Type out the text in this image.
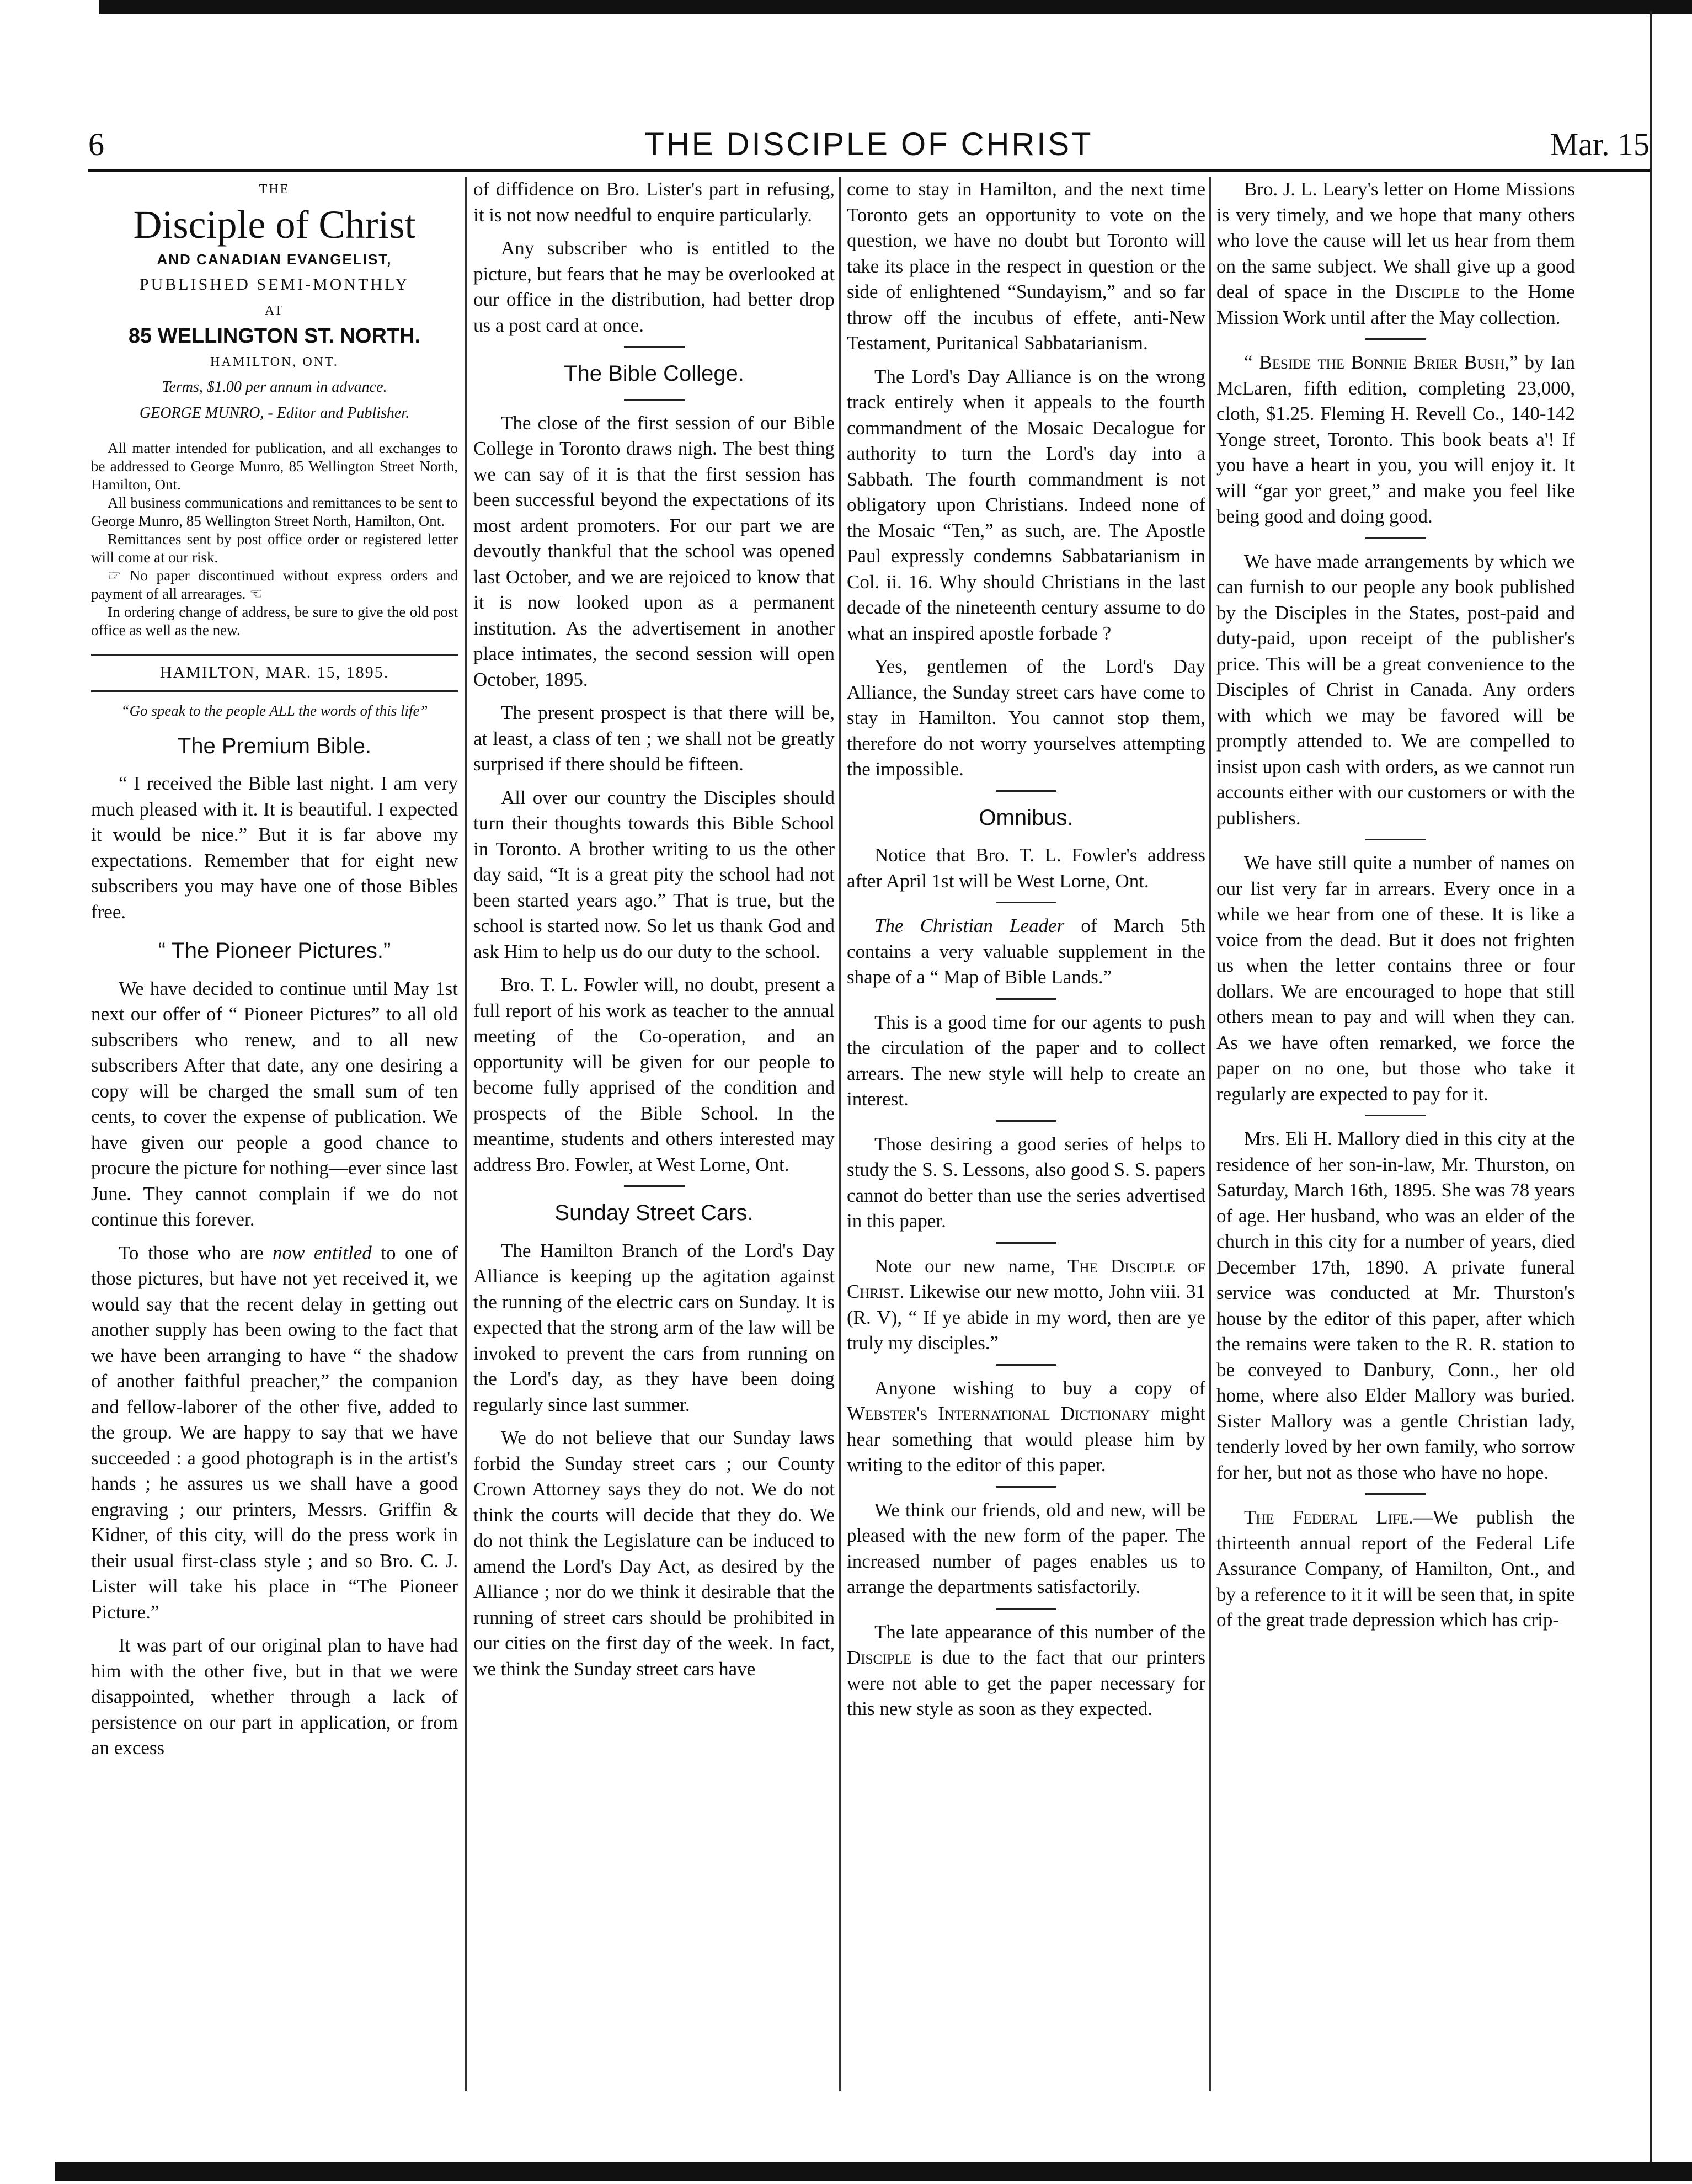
6	THE DISCIPLE OF CHRIST	Mar. 15
THE
Disciple of Christ
AND CANADIAN EVANGELIST,
PUBLISHED SEMI-MONTHLY
AT
85 WELLINGTON ST. NORTH.
HAMILTON, ONT.
Terms, $1.00 per annum in advance.
GEORGE MUNRO, - Editor and Publisher.
All matter intended for publication, and all exchanges to be addressed to George Munro, 85 Wellington Street North, Hamilton, Ont.
All business communications and remittances to be sent to George Munro, 85 Wellington Street North, Hamilton, Ont.
Remittances sent by post office order or registered letter will come at our risk.
☞ No paper discontinued without express orders and payment of all arrearages. ☜
In ordering change of address, be sure to give the old post office as well as the new.
HAMILTON, MAR. 15, 1895.
“Go speak to the people ALL the words of this life”
The Premium Bible.

“ I received the Bible last night. I am very much pleased with it. It is beautiful. I expected it would be nice.” But it is far above my expectations. Remember that for eight new subscribers you may have one of those Bibles free.

“ The Pioneer Pictures.”

We have decided to continue until May 1st next our offer of “ Pioneer Pictures” to all old subscribers who renew, and to all new subscribers After that date, any one desiring a copy will be charged the small sum of ten cents, to cover the expense of publication. We have given our people a good chance to procure the picture for nothing—ever since last June. They cannot complain if we do not continue this forever.

To those who are now entitled to one of those pictures, but have not yet received it, we would say that the recent delay in getting out another supply has been owing to the fact that we have been arranging to have “ the shadow of another faithful preacher,” the companion and fellow-laborer of the other five, added to the group. We are happy to say that we have succeeded : a good photograph is in the artist's hands ; he assures us we shall have a good engraving ; our printers, Messrs. Griffin & Kidner, of this city, will do the press work in their usual first-class style ; and so Bro. C. J. Lister will take his place in “The Pioneer Picture.”

It was part of our original plan to have had him with the other five, but in that we were disappointed, whether through a lack of persistence on our part in application, or from an excess

of diffidence on Bro. Lister's part in refusing, it is not now needful to enquire particularly.

Any subscriber who is entitled to the picture, but fears that he may be overlooked at our office in the distribution, had better drop us a post card at once.

The Bible College.

The close of the first session of our Bible College in Toronto draws nigh. The best thing we can say of it is that the first session has been successful beyond the expectations of its most ardent promoters. For our part we are devoutly thankful that the school was opened last October, and we are rejoiced to know that it is now looked upon as a permanent institution. As the advertisement in another place intimates, the second session will open October, 1895.

The present prospect is that there will be, at least, a class of ten ; we shall not be greatly surprised if there should be fifteen.

All over our country the Disciples should turn their thoughts towards this Bible School in Toronto. A brother writing to us the other day said, “It is a great pity the school had not been started years ago.” That is true, but the school is started now. So let us thank God and ask Him to help us do our duty to the school.

Bro. T. L. Fowler will, no doubt, present a full report of his work as teacher to the annual meeting of the Co-operation, and an opportunity will be given for our people to become fully apprised of the condition and prospects of the Bible School. In the meantime, students and others interested may address Bro. Fowler, at West Lorne, Ont.

Sunday Street Cars.

The Hamilton Branch of the Lord's Day Alliance is keeping up the agitation against the running of the electric cars on Sunday. It is expected that the strong arm of the law will be invoked to prevent the cars from running on the Lord's day, as they have been doing regularly since last summer.

We do not believe that our Sunday laws forbid the Sunday street cars ; our County Crown Attorney says they do not. We do not think the courts will decide that they do. We do not think the Legislature can be induced to amend the Lord's Day Act, as desired by the Alliance ; nor do we think it desirable that the running of street cars should be prohibited in our cities on the first day of the week. In fact, we think the Sunday street cars have

come to stay in Hamilton, and the next time Toronto gets an opportunity to vote on the question, we have no doubt but Toronto will take its place in the respect in question or the side of enlightened “Sundayism,” and so far throw off the incubus of effete, anti-New Testament, Puritanical Sabbatarianism.

The Lord's Day Alliance is on the wrong track entirely when it appeals to the fourth commandment of the Mosaic Decalogue for authority to turn the Lord's day into a Sabbath. The fourth commandment is not obligatory upon Christians. Indeed none of the Mosaic “Ten,” as such, are. The Apostle Paul expressly condemns Sabbatarianism in Col. ii. 16. Why should Christians in the last decade of the nineteenth century assume to do what an inspired apostle forbade ?

Yes, gentlemen of the Lord's Day Alliance, the Sunday street cars have come to stay in Hamilton. You cannot stop them, therefore do not worry yourselves attempting the impossible.

Omnibus.

Notice that Bro. T. L. Fowler's address after April 1st will be West Lorne, Ont.

The Christian Leader of March 5th contains a very valuable supplement in the shape of a “ Map of Bible Lands.”

This is a good time for our agents to push the circulation of the paper and to collect arrears. The new style will help to create an interest.

Those desiring a good series of helps to study the S. S. Lessons, also good S. S. papers cannot do better than use the series advertised in this paper.

Note our new name, The Disciple of Christ. Likewise our new motto, John viii. 31 (R. V), “ If ye abide in my word, then are ye truly my disciples.”

Anyone wishing to buy a copy of Webster's International Dictionary might hear something that would please him by writing to the editor of this paper.

We think our friends, old and new, will be pleased with the new form of the paper. The increased number of pages enables us to arrange the departments satisfactorily.

The late appearance of this number of the Disciple is due to the fact that our printers were not able to get the paper necessary for this new style as soon as they expected.

Bro. J. L. Leary's letter on Home Missions is very timely, and we hope that many others who love the cause will let us hear from them on the same subject. We shall give up a good deal of space in the Disciple to the Home Mission Work until after the May collection.

“ Beside the Bonnie Brier Bush,” by Ian McLaren, fifth edition, completing 23,000, cloth, $1.25. Fleming H. Revell Co., 140-142 Yonge street, Toronto. This book beats a'! If you have a heart in you, you will enjoy it. It will “gar yor greet,” and make you feel like being good and doing good.

We have made arrangements by which we can furnish to our people any book published by the Disciples in the States, post-paid and duty-paid, upon receipt of the publisher's price. This will be a great convenience to the Disciples of Christ in Canada. Any orders with which we may be favored will be promptly attended to. We are compelled to insist upon cash with orders, as we cannot run accounts either with our customers or with the publishers.

We have still quite a number of names on our list very far in arrears. Every once in a while we hear from one of these. It is like a voice from the dead. But it does not frighten us when the letter contains three or four dollars. We are encouraged to hope that still others mean to pay and will when they can. As we have often remarked, we force the paper on no one, but those who take it regularly are expected to pay for it.

Mrs. Eli H. Mallory died in this city at the residence of her son-in-law, Mr. Thurston, on Saturday, March 16th, 1895. She was 78 years of age. Her husband, who was an elder of the church in this city for a number of years, died December 17th, 1890. A private funeral service was conducted at Mr. Thurston's house by the editor of this paper, after which the remains were taken to the R. R. station to be conveyed to Danbury, Conn., her old home, where also Elder Mallory was buried. Sister Mallory was a gentle Christian lady, tenderly loved by her own family, who sorrow for her, but not as those who have no hope.

The Federal Life.—We publish the thirteenth annual report of the Federal Life Assurance Company, of Hamilton, Ont., and by a reference to it it will be seen that, in spite of the great trade depression which has crip-
